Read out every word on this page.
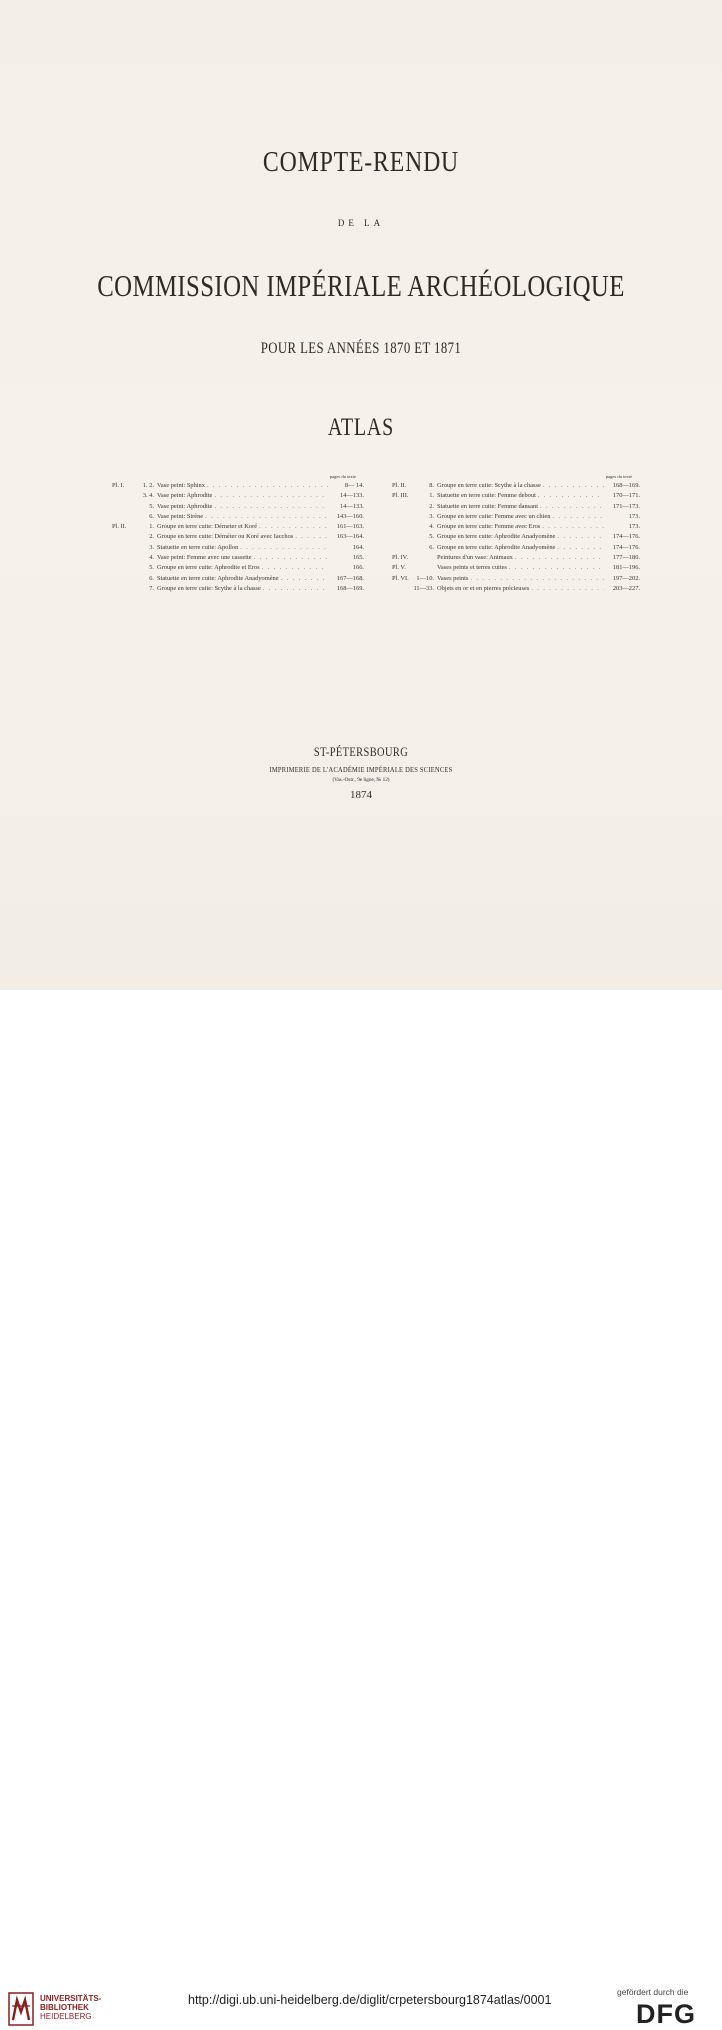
COMPTE-RENDU
DE LA
COMMISSION IMPÉRIALE ARCHÉOLOGIQUE
POUR LES ANNÉES 1870 ET 1871
ATLAS
pages du texte
Pl. I.	1. 2. Vase peint: Sphinx . . .	8— 14.
3. 4. Vase peint: Aphrodite . . .	14—133.
5. Vase peint: Aphrodite . . .	14—133.
6. Vase peint: Sirène . . .	143—160.
Pl. II.	1. Groupe en terre cuite: Démeter et Koré . . .	161—163.
2. Groupe en terre cuite: Déméter ou Koré avec Iacchos . . .	163—164.
3. Statuette en terre cuite: Apollon . . .	164.
4. Vase peint: Femme avec une cassette . . .	165.
5. Groupe en terre cuite: Aphrodite et Eros . . .	166.
6. Statuette en terre cuite: Aphrodite Anadyomène . . .	167—168.
7. Groupe en terre cuite: Scythe à la chasse . . .	168—169.
pages du texte
Pl. II.	8. Groupe en terre cuite: Scythe à la chasse . . .	168—169.
Pl. III.	1. Statuette en terre cuite: Femme debout . . .	170—171.
2. Statuette en terre cuite: Femme dansant . . .	171—173.
3. Groupe en terre cuite: Femme avec un chien . . .	173.
4. Groupe en terre cuite: Femme avec Eros . . .	173.
5. Groupe en terre cuite: Aphrodite Anadyomène . . .	174—176.
6. Groupe en terre cuite: Aphrodite Anadyomène . . .	174—176.
Pl. IV.	Peintures d'un vase: Animaux . . .	177—180.
Pl. V.	Vases peints et terres cuites . . .	181—196.
Pl. VI.	1—10. Vases peints . . .	197—202.
11—33. Objets en or et en pierres précieuses . . .	203—227.
ST-PÉTERSBOURG
IMPRIMERIE DE L'ACADÉMIE IMPÉRIALE DES SCIENCES
(Vas.-Ostr., 9e ligne, № 12)
1874
UNIVERSITÄTS-
BIBLIOTHEK
HEIDELBERG
http://digi.ub.uni-heidelberg.de/diglit/crpetersbourg1874atlas/0001
gefördert durch die
DFG
